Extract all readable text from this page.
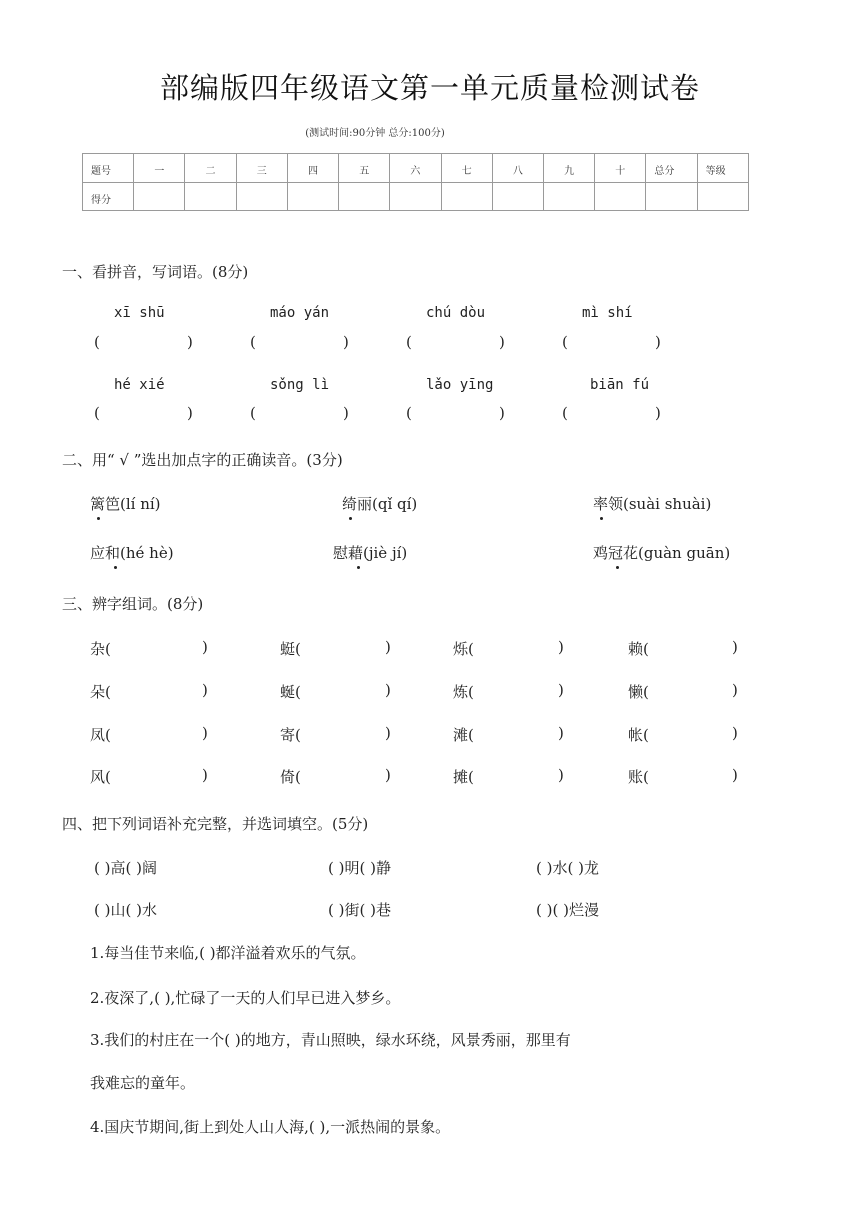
部编版四年级语文第一单元质量检测试卷
(测试时间:90分钟 总分:100分)
题号	一	二	三	四	五	六	七	八	九	十	总分	等级
得分												
一、看拼音，写词语。(8分)
xī shū	máo yán	chú dòu	mì shí
(	)	(	)	(	)	(	)
hé xié	sǒng lì	lǎo yīng	biān fú
(	)	(	)	(	)	(	)
二、用“ √ ”选出加点字的正确读音。(3分)
篱笆(lí ní)	绮丽(qǐ qí)	率领(suài shuài)
应和(hé hè)	慰藉(jiè jí)	鸡冠花(guàn guān)
三、辨字组词。(8分)
杂(	)	蜓(	)	烁(	)	赖(	)
朵(	)	蜒(	)	炼(	)	懒(	)
凤(	)	寄(	)	滩(	)	帐(	)
风(	)	倚(	)	摊(	)	账(	)
四、把下列词语补充完整，并选词填空。(5分)
( )高( )阔	( )明( )静	( )水( )龙
( )山( )水	( )街( )巷	( )( )烂漫
1.每当佳节来临,( )都洋溢着欢乐的气氛。
2.夜深了,( ),忙碌了一天的人们早已进入梦乡。
3.我们的村庄在一个( )的地方，青山照映，绿水环绕，风景秀丽，那里有
我难忘的童年。
4.国庆节期间,街上到处人山人海,( ),一派热闹的景象。
